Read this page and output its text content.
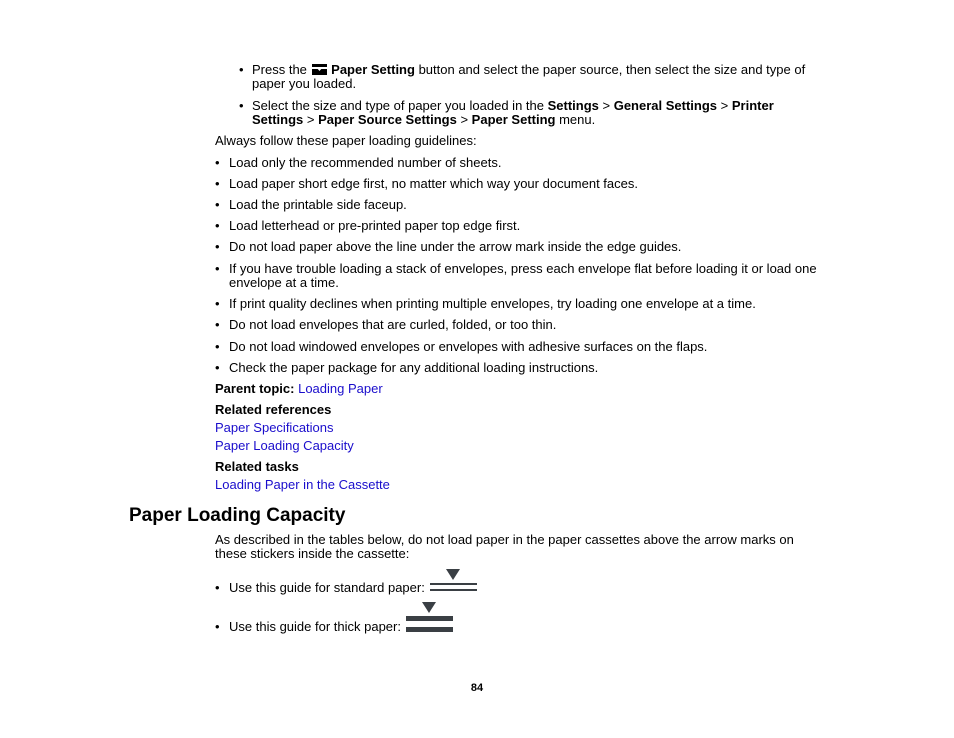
• Press the  Paper Setting button and select the paper source, then select the size and type of
paper you loaded.
• Select the size and type of paper you loaded in the Settings > General Settings > Printer
Settings > Paper Source Settings > Paper Setting menu.
Always follow these paper loading guidelines:
• Load only the recommended number of sheets.
• Load paper short edge first, no matter which way your document faces.
• Load the printable side faceup.
• Load letterhead or pre-printed paper top edge first.
• Do not load paper above the line under the arrow mark inside the edge guides.
• If you have trouble loading a stack of envelopes, press each envelope flat before loading it or load one
envelope at a time.
• If print quality declines when printing multiple envelopes, try loading one envelope at a time.
• Do not load envelopes that are curled, folded, or too thin.
• Do not load windowed envelopes or envelopes with adhesive surfaces on the flaps.
• Check the paper package for any additional loading instructions.
Parent topic: Loading Paper
Related references
Paper Specifications
Paper Loading Capacity
Related tasks
Loading Paper in the Cassette
Paper Loading Capacity
As described in the tables below, do not load paper in the paper cassettes above the arrow marks on
these stickers inside the cassette:
• Use this guide for standard paper:
• Use this guide for thick paper:
84
